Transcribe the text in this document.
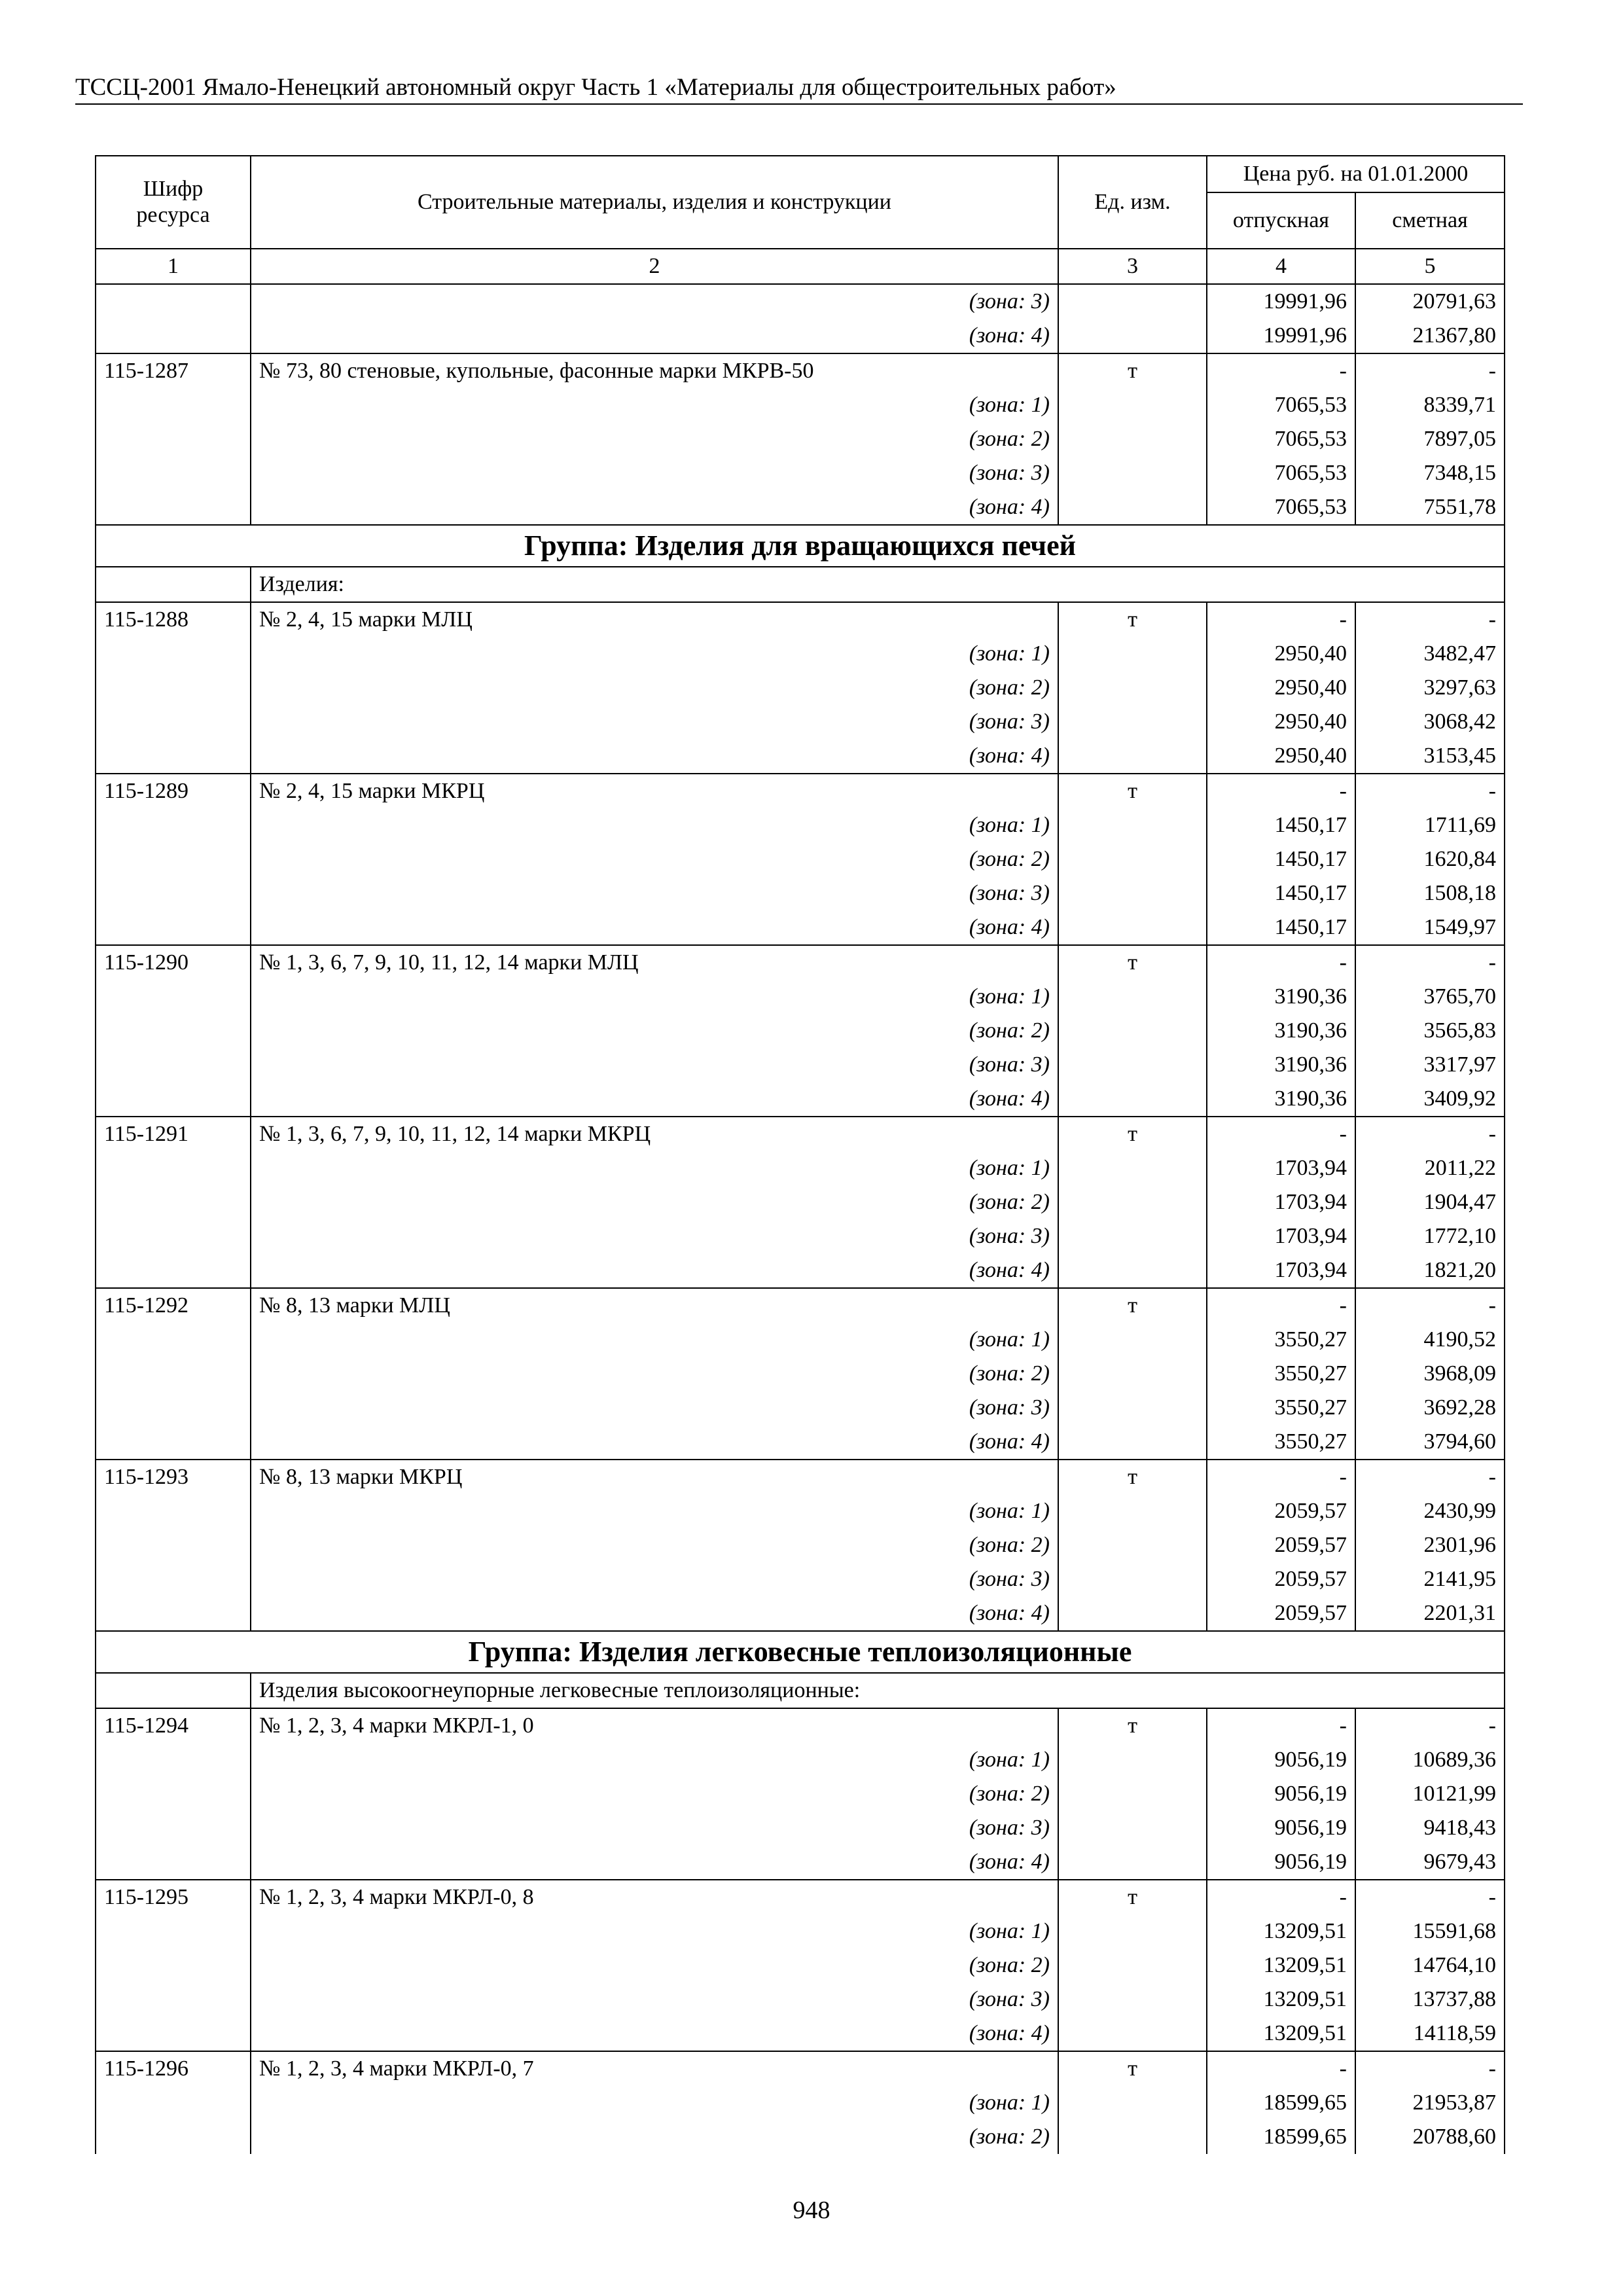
ТССЦ-2001 Ямало-Ненецкий автономный округ Часть 1 «Материалы для общестроительных работ»
Шифр ресурса	Строительные материалы, изделия и конструкции	Ед. изм.	Цена руб. на 01.01.2000	
			отпускная	сметная
1	2	3	4	5
	(зона: 3)		19991,96	20791,63
	(зона: 4)		19991,96	21367,80
115-1287	№ 73, 80 стеновые, купольные, фасонные марки МКРВ-50	т	-	-
	(зона: 1)		7065,53	8339,71
	(зона: 2)		7065,53	7897,05
	(зона: 3)		7065,53	7348,15
	(зона: 4)		7065,53	7551,78
Группа: Изделия для вращающихся печей				
	Изделия:			
115-1288	№ 2, 4, 15 марки МЛЦ	т	-	-
	(зона: 1)		2950,40	3482,47
	(зона: 2)		2950,40	3297,63
	(зона: 3)		2950,40	3068,42
	(зона: 4)		2950,40	3153,45
115-1289	№ 2, 4, 15 марки МКРЦ	т	-	-
	(зона: 1)		1450,17	1711,69
	(зона: 2)		1450,17	1620,84
	(зона: 3)		1450,17	1508,18
	(зона: 4)		1450,17	1549,97
115-1290	№ 1, 3, 6, 7, 9, 10, 11, 12, 14 марки МЛЦ	т	-	-
	(зона: 1)		3190,36	3765,70
	(зона: 2)		3190,36	3565,83
	(зона: 3)		3190,36	3317,97
	(зона: 4)		3190,36	3409,92
115-1291	№ 1, 3, 6, 7, 9, 10, 11, 12, 14 марки МКРЦ	т	-	-
	(зона: 1)		1703,94	2011,22
	(зона: 2)		1703,94	1904,47
	(зона: 3)		1703,94	1772,10
	(зона: 4)		1703,94	1821,20
115-1292	№ 8, 13 марки МЛЦ	т	-	-
	(зона: 1)		3550,27	4190,52
	(зона: 2)		3550,27	3968,09
	(зона: 3)		3550,27	3692,28
	(зона: 4)		3550,27	3794,60
115-1293	№ 8, 13 марки МКРЦ	т	-	-
	(зона: 1)		2059,57	2430,99
	(зона: 2)		2059,57	2301,96
	(зона: 3)		2059,57	2141,95
	(зона: 4)		2059,57	2201,31
Группа: Изделия легковесные теплоизоляционные				
	Изделия высокоогнеупорные легковесные теплоизоляционные:			
115-1294	№ 1, 2, 3, 4 марки МКРЛ-1, 0	т	-	-
	(зона: 1)		9056,19	10689,36
	(зона: 2)		9056,19	10121,99
	(зона: 3)		9056,19	9418,43
	(зона: 4)		9056,19	9679,43
115-1295	№ 1, 2, 3, 4 марки МКРЛ-0, 8	т	-	-
	(зона: 1)		13209,51	15591,68
	(зона: 2)		13209,51	14764,10
	(зона: 3)		13209,51	13737,88
	(зона: 4)		13209,51	14118,59
115-1296	№ 1, 2, 3, 4 марки МКРЛ-0, 7	т	-	-
	(зона: 1)		18599,65	21953,87
	(зона: 2)		18599,65	20788,60
948
